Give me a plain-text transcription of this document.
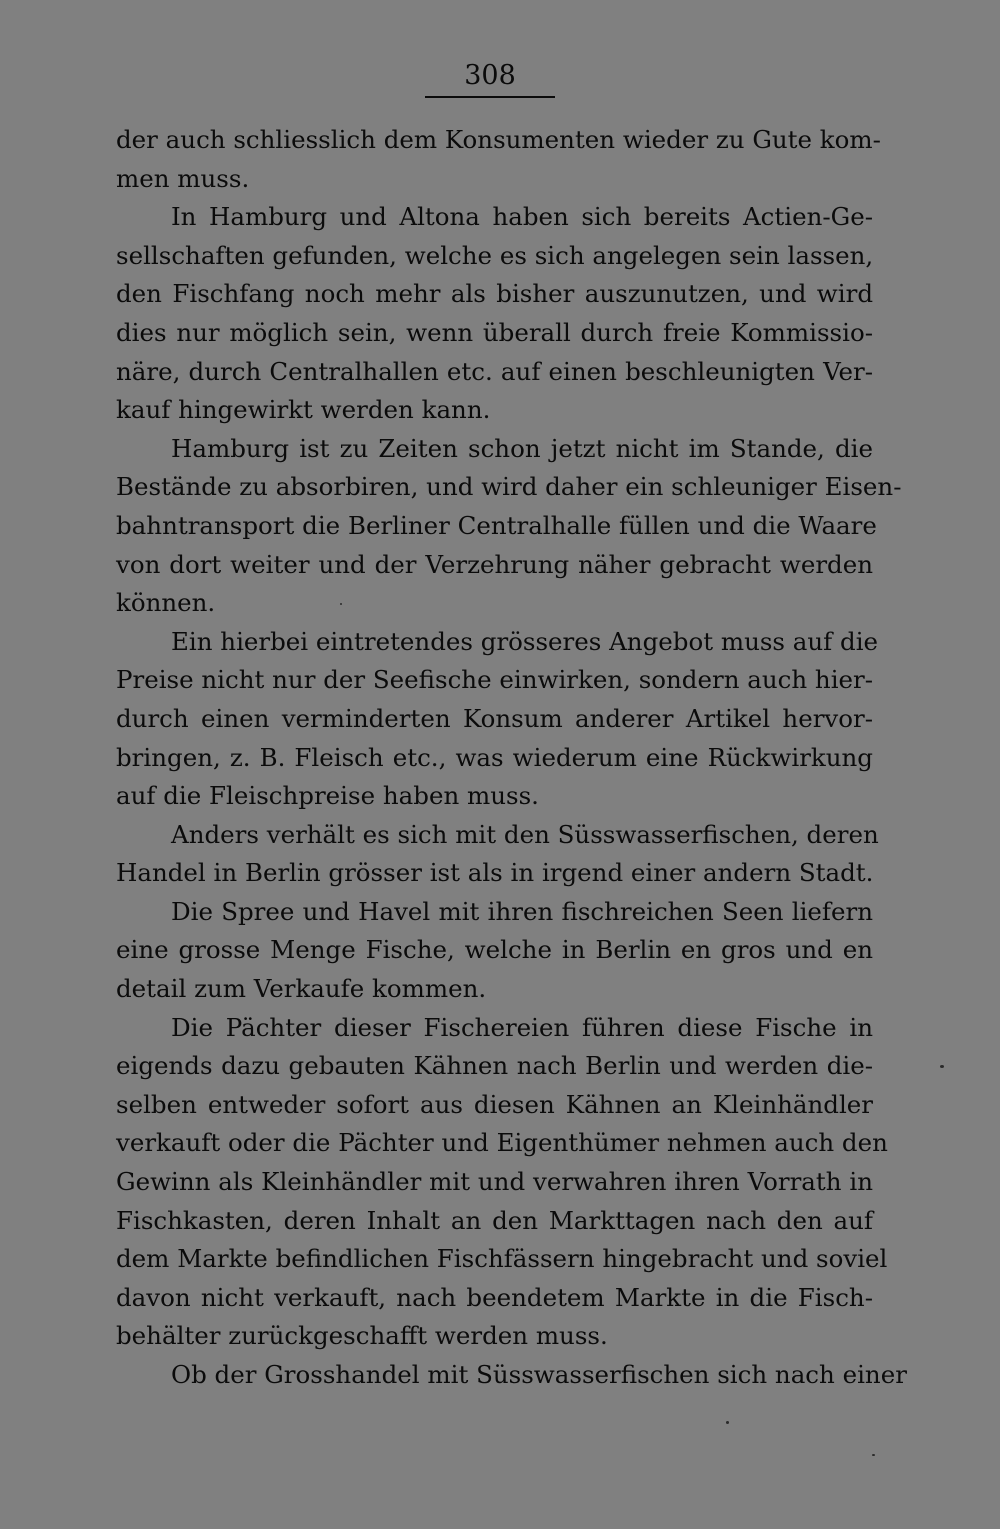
308
der auch schliesslich dem Konsumenten wieder zu Gute kom-
men muss.
In Hamburg und Altona haben sich bereits Actien-Ge-
sellschaften gefunden, welche es sich angelegen sein lassen,
den Fischfang noch mehr als bisher auszunutzen, und wird
dies nur möglich sein, wenn überall durch freie Kommissio-
näre, durch Centralhallen etc. auf einen beschleunigten Ver-
kauf hingewirkt werden kann.
Hamburg ist zu Zeiten schon jetzt nicht im Stande, die
Bestände zu absorbiren, und wird daher ein schleuniger Eisen-
bahntransport die Berliner Centralhalle füllen und die Waare
von dort weiter und der Verzehrung näher gebracht werden
können.
Ein hierbei eintretendes grösseres Angebot muss auf die
Preise nicht nur der Seefische einwirken, sondern auch hier-
durch einen verminderten Konsum anderer Artikel hervor-
bringen, z. B. Fleisch etc., was wiederum eine Rückwirkung
auf die Fleischpreise haben muss.
Anders verhält es sich mit den Süsswasserfischen, deren
Handel in Berlin grösser ist als in irgend einer andern Stadt.
Die Spree und Havel mit ihren fischreichen Seen liefern
eine grosse Menge Fische, welche in Berlin en gros und en
detail zum Verkaufe kommen.
Die Pächter dieser Fischereien führen diese Fische in
eigends dazu gebauten Kähnen nach Berlin und werden die-
selben entweder sofort aus diesen Kähnen an Kleinhändler
verkauft oder die Pächter und Eigenthümer nehmen auch den
Gewinn als Kleinhändler mit und verwahren ihren Vorrath in
Fischkasten, deren Inhalt an den Markttagen nach den auf
dem Markte befindlichen Fischfässern hingebracht und soviel
davon nicht verkauft, nach beendetem Markte in die Fisch-
behälter zurückgeschafft werden muss.
Ob der Grosshandel mit Süsswasserfischen sich nach einer
